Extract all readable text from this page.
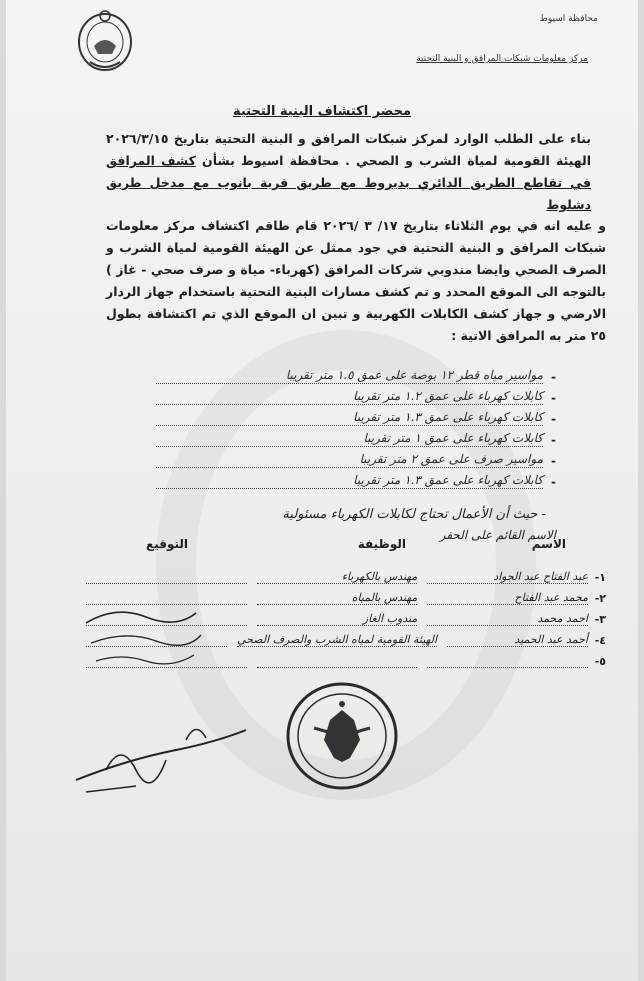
محافظة اسيوط
مركز معلومات شبكات المرافق و البنية التحتية
محضر اكتشاف البنية التحتية
بناء على الطلب الوارد لمركز شبكات المرافق و البنية التحتية بتاريخ ٢٠٢٦/٣/١٥ الهيئة القومية لمياة الشرب و الصحي . محافظة اسيوط بشأن كشف المرافق في تقاطع الطريق الدائري بديروط مع طريق قرية بانوب مع مدخل طريق دشلوط
و عليه انه في يوم الثلاثاء بتاريخ ١٧/ ٣ /٢٠٢٦ قام طاقم اكتشاف مركز معلومات شبكات المرافق و البنية التحتية في جود ممثل عن الهيئة القومية لمياة الشرب و الصرف الصحي وايضا مندوبي شركات المرافق (كهرباء- مياة و صرف صحي - غاز ) بالتوجه الى الموقع المحدد و تم كشف مسارات البنية التحتية باستخدام جهاز الردار الارضي و جهاز كشف الكابلات الكهربية و تبين ان الموقع الذي تم اكتشافة بطول ٢٥ متر به المرافق الاتية :
-
مواسير مياه قطر ١٢ بوصة على عمق ١.٥ متر تقريبا
-
كابلات كهرباء على عمق ١.٢ متر تقريبا
-
كابلات كهرباء على عمق ١.٣ متر تقريبا
-
كابلات كهرباء على عمق ١ متر تقريبا
-
مواسير صرف على عمق ٢ متر تقريبا
-
كابلات كهرباء على عمق ١.٣ متر تقريبا
- حيث أن الأعمال تحتاج لكابلات الكهرباء مسئولية
الاسم القائم على الحفر
الاسم
الوظيفة
التوقيع
١-
عبد الفتاح عبد الجواد
مهندس بالكهرباء
٢-
محمد عبد الفتاح
مهندس بالمياه
٣-
احمد محمد
مندوب الغاز
٤-
أحمد عبد الحميد
الهيئة القومية لمياه الشرب والصرف الصحي
٥-
